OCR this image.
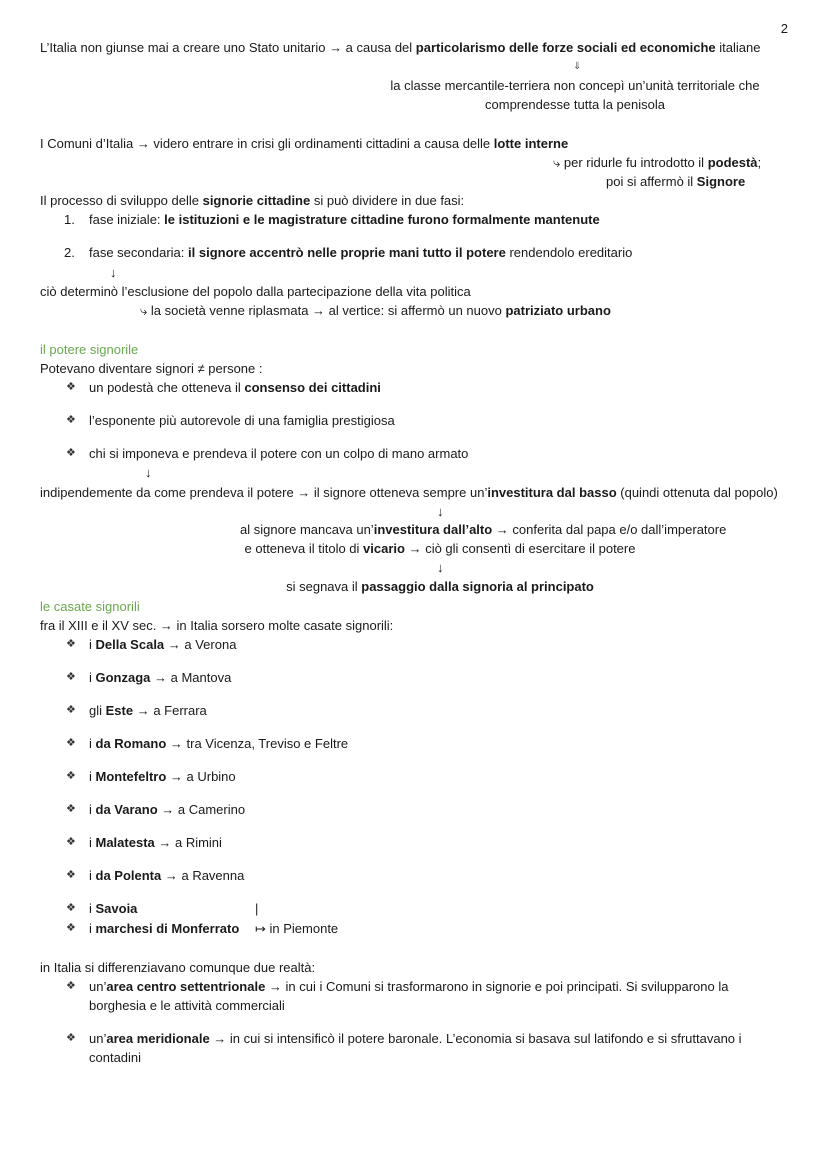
2
L’Italia non giunse mai a creare uno Stato unitario → a causa del particolarismo delle forze sociali ed economiche italiane
⇓
la classe mercantile-terriera non concepì un’unità territoriale che
comprendesse tutta la penisola
I Comuni d’Italia → videro entrare in crisi gli ordinamenti cittadini a causa delle lotte interne
⤷ per ridurle fu introdotto il podestà;
poi si affermò il Signore
Il processo di sviluppo delle signorie cittadine si può dividere in due fasi:
1. fase iniziale: le istituzioni e le magistrature cittadine furono formalmente mantenute
2. fase secondaria: il signore accentrò nelle proprie mani tutto il potere rendendolo ereditario
↓
ciò determinò l’esclusione del popolo dalla partecipazione della vita politica
⤷ la società venne riplasmata → al vertice: si affermò un nuovo patriziato urbano
il potere signorile
Potevano diventare signori ≠ persone :
❖ un podestà che otteneva il consenso dei cittadini
❖ l’esponente più autorevole di una famiglia prestigiosa
❖ chi si imponeva e prendeva il potere con un colpo di mano armato
↓
indipendemente da come prendeva il potere → il signore otteneva sempre un’investitura dal basso (quindi ottenuta dal popolo)
↓
al signore mancava un’investitura dall’alto → conferita dal papa e/o dall’imperatore
e otteneva il titolo di vicario → ciò gli consentì di esercitare il potere
↓
si segnava il passaggio dalla signoria al principato
le casate signorili
fra il XIII e il XV sec. → in Italia sorsero molte casate signorili:
❖ i Della Scala → a Verona
❖ i Gonzaga → a Mantova
❖ gli Este → a Ferrara
❖ i da Romano → tra Vicenza, Treviso e Feltre
❖ i Montefeltro → a Urbino
❖ i da Varano → a Camerino
❖ i Malatesta → a Rimini
❖ i da Polenta → a Ravenna
❖ i Savoia	|
❖ i marchesi di Monferrato ↦ in Piemonte
in Italia si differenziavano comunque due realtà:
❖ un’area centro settentrionale → in cui i Comuni si trasformarono in signorie e poi principati. Si svilupparono la
borghesia e le attività commerciali
❖ un’area meridionale → in cui si intensificò il potere baronale. L’economia si basava sul latifondo e si sfruttavano i
contadini
